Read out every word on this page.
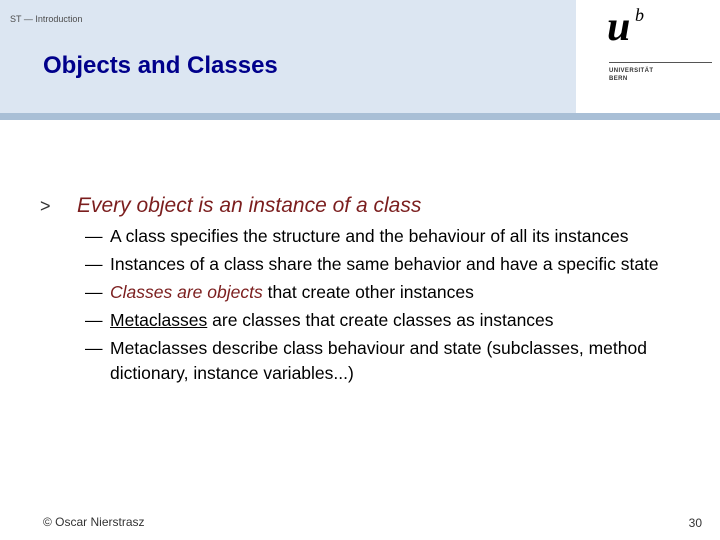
ST — Introduction
Objects and Classes
u b
UNIVERSITÄT
BERN
>	Every object is an instance of a class
— A class specifies the structure and the behaviour of all its instances
— Instances of a class share the same behavior and have a specific state
— Classes are objects that create other instances
— Metaclasses are classes that create classes as instances
— Metaclasses describe class behaviour and state (subclasses, method dictionary, instance variables...)
© Oscar Nierstrasz	30
